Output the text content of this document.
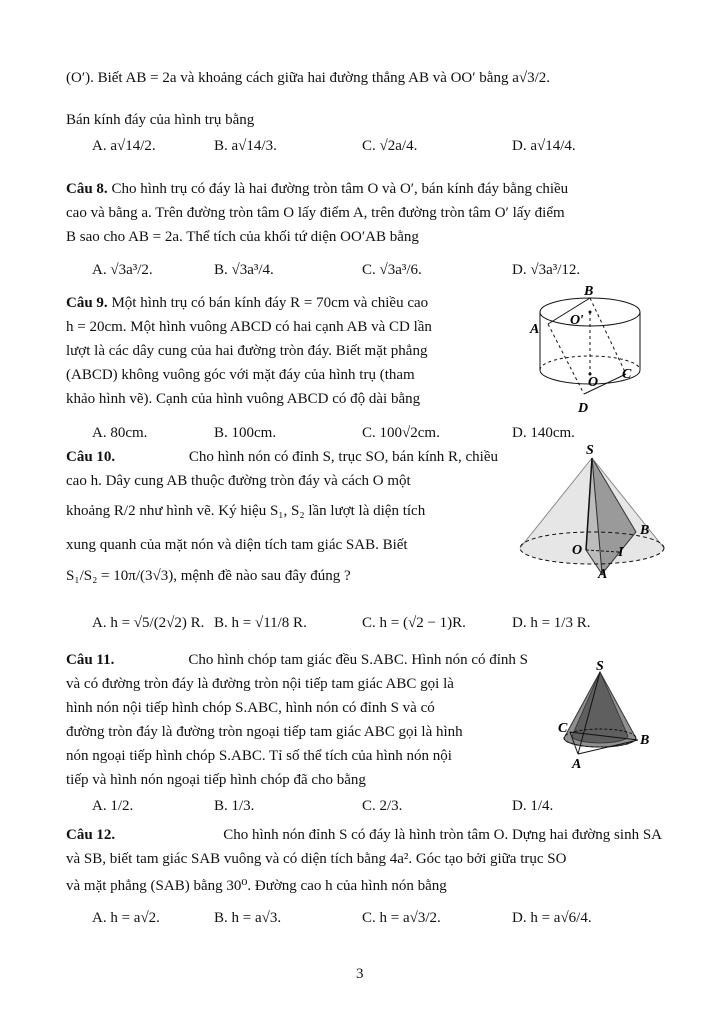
(O′). Biết AB = 2a và khoảng cách giữa hai đường thẳng AB và OO′ bằng a√3/2.
Bán kính đáy của hình trụ bằng
A. a√14/2.	B. a√14/3.	C. √2a/4.	D. a√14/4.
Câu 8. Cho hình trụ có đáy là hai đường tròn tâm O và O′, bán kính đáy bằng chiều
cao và bằng a. Trên đường tròn tâm O lấy điểm A, trên đường tròn tâm O′ lấy điểm
B sao cho AB = 2a. Thể tích của khối tứ diện OO′AB bằng
A. √3a³/2.	B. √3a³/4.	C. √3a³/6.	D. √3a³/12.
Câu 9. Một hình trụ có bán kính đáy R = 70cm và chiều cao
h = 20cm. Một hình vuông ABCD có hai cạnh AB và CD lần
lượt là các dây cung của hai đường tròn đáy. Biết mặt phẳng
(ABCD) không vuông góc với mặt đáy của hình trụ (tham
khảo hình vẽ). Cạnh của hình vuông ABCD có độ dài bằng
A. 80cm.	B. 100cm.	C. 100√2cm.	D. 140cm.
B
O′
A
O
C
D
Câu 10.	Cho hình nón có đỉnh S, trục SO, bán kính R, chiều
cao h. Dây cung AB thuộc đường tròn đáy và cách O một
khoảng R/2 như hình vẽ. Ký hiệu S₁, S₂ lần lượt là diện tích
xung quanh của mặt nón và diện tích tam giác SAB. Biết
S₁/S₂ = 10π/(3√3), mệnh đề nào sau đây đúng ?
A. h = √5/(2√2) R. B. h = √11/8 R.	C. h = (√2 − 1)R.	D. h = 1/3 R.
S
B
O	I
A
Câu 11.	Cho hình chóp tam giác đều S.ABC. Hình nón có đỉnh S
và có đường tròn đáy là đường tròn nội tiếp tam giác ABC gọi là
hình nón nội tiếp hình chóp S.ABC, hình nón có đỉnh S và có
đường tròn đáy là đường tròn ngoại tiếp tam giác ABC gọi là hình
nón ngoại tiếp hình chóp S.ABC. Tỉ số thể tích của hình nón nội
tiếp và hình nón ngoại tiếp hình chóp đã cho bằng
A. 1/2.	B. 1/3.	C. 2/3.	D. 1/4.
S
C
B
A
Câu 12.	Cho hình nón đỉnh S có đáy là hình tròn tâm O. Dựng hai đường sinh SA
và SB, biết tam giác SAB vuông và có diện tích bằng 4a². Góc tạo bởi giữa trục SO
và mặt phẳng (SAB) bằng 30⁰. Đường cao h của hình nón bằng
A. h = a√2.	B. h = a√3.	C. h = a√3/2.	D. h = a√6/4.
3
